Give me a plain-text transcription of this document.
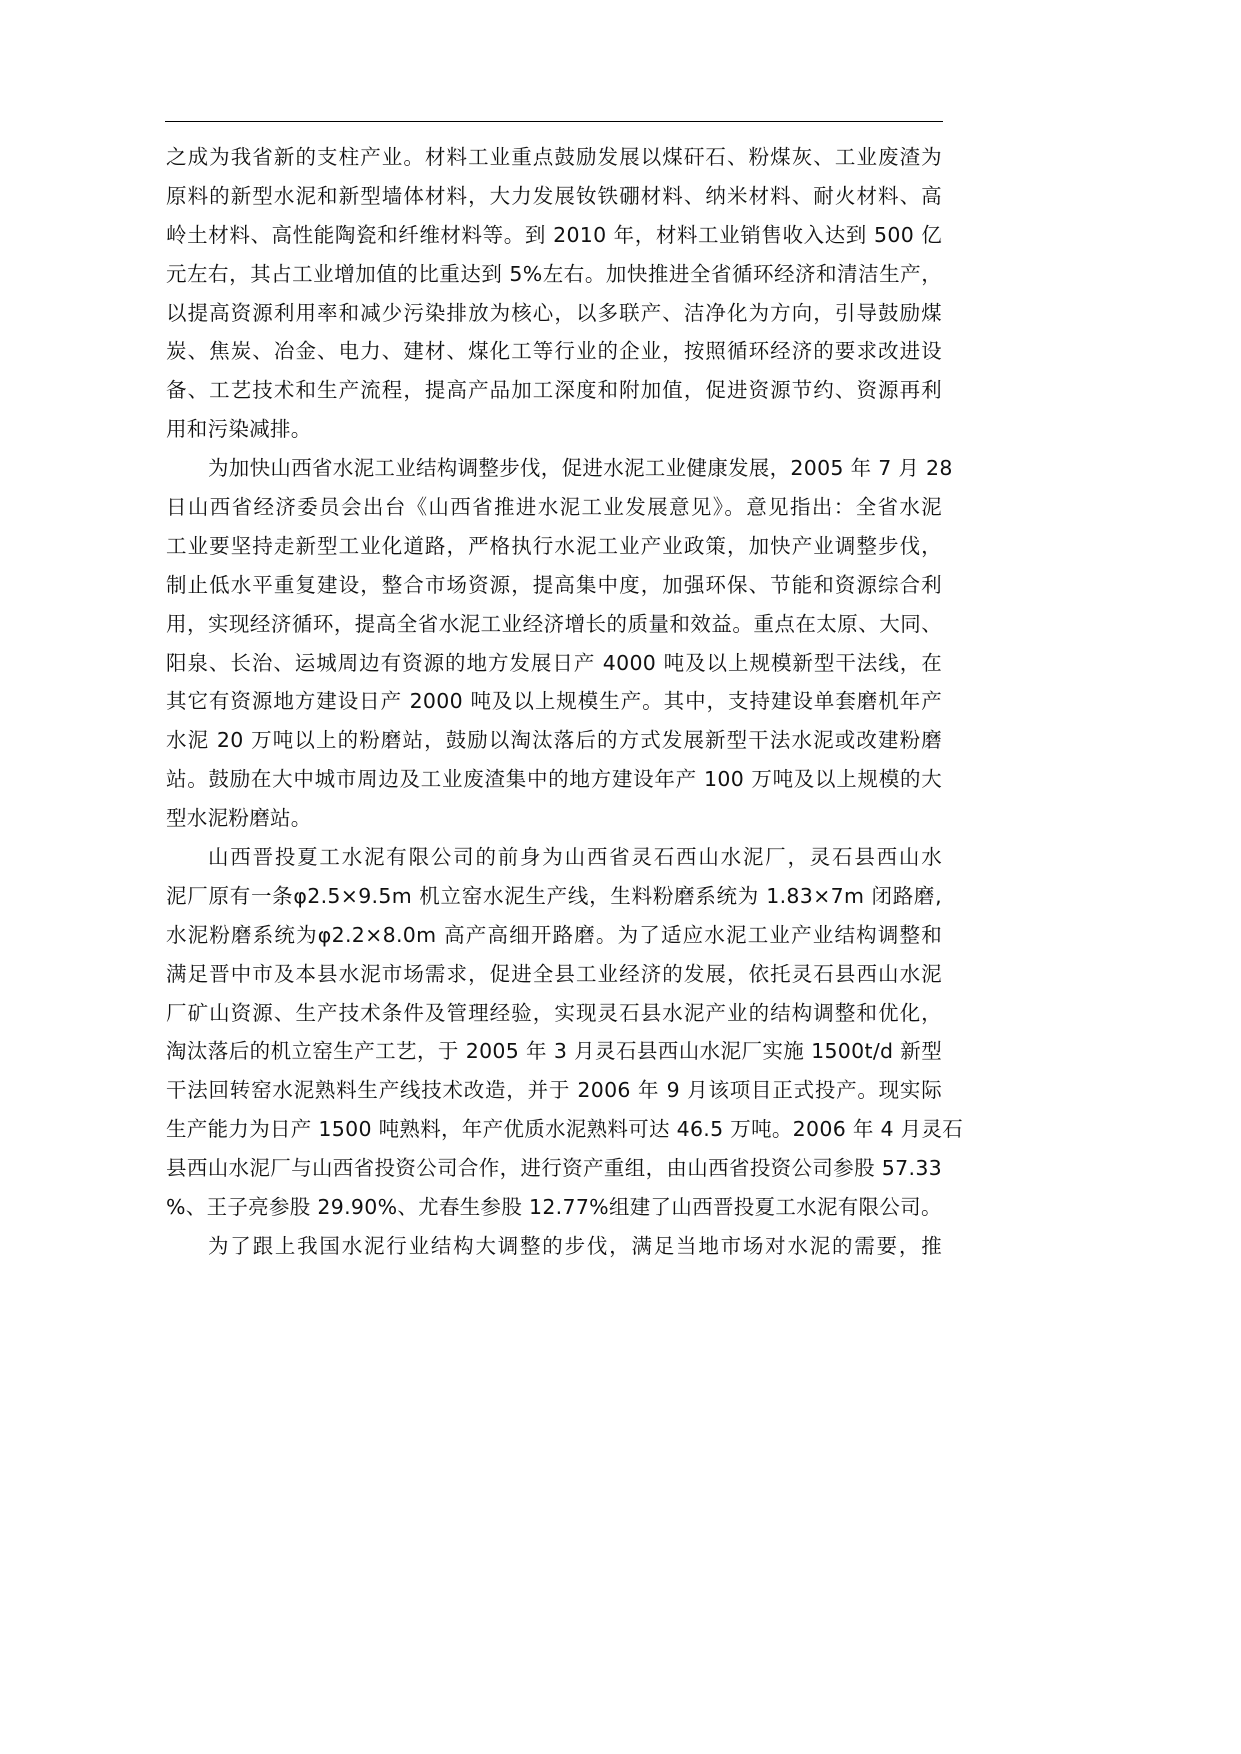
之成为我省新的支柱产业。材料工业重点鼓励发展以煤矸石、粉煤灰、工业废渣为
原料的新型水泥和新型墙体材料，大力发展钕铁硼材料、纳米材料、耐火材料、高
岭土材料、高性能陶瓷和纤维材料等。到 2010 年，材料工业销售收入达到 500 亿
元左右，其占工业增加值的比重达到 5%左右。加快推进全省循环经济和清洁生产，
以提高资源利用率和减少污染排放为核心，以多联产、洁净化为方向，引导鼓励煤
炭、焦炭、冶金、电力、建材、煤化工等行业的企业，按照循环经济的要求改进设
备、工艺技术和生产流程，提高产品加工深度和附加值，促进资源节约、资源再利
用和污染减排。
为加快山西省水泥工业结构调整步伐，促进水泥工业健康发展，2005 年 7 月 28
日山西省经济委员会出台《山西省推进水泥工业发展意见》。意见指出：全省水泥
工业要坚持走新型工业化道路，严格执行水泥工业产业政策，加快产业调整步伐，
制止低水平重复建设，整合市场资源，提高集中度，加强环保、节能和资源综合利
用，实现经济循环，提高全省水泥工业经济增长的质量和效益。重点在太原、大同、
阳泉、长治、运城周边有资源的地方发展日产 4000 吨及以上规模新型干法线，在
其它有资源地方建设日产 2000 吨及以上规模生产。其中，支持建设单套磨机年产
水泥 20 万吨以上的粉磨站，鼓励以淘汰落后的方式发展新型干法水泥或改建粉磨
站。鼓励在大中城市周边及工业废渣集中的地方建设年产 100 万吨及以上规模的大
型水泥粉磨站。
山西晋投夏工水泥有限公司的前身为山西省灵石西山水泥厂，灵石县西山水
泥厂原有一条φ2.5×9.5m 机立窑水泥生产线，生料粉磨系统为 1.83×7m 闭路磨,
水泥粉磨系统为φ2.2×8.0m 高产高细开路磨。为了适应水泥工业产业结构调整和
满足晋中市及本县水泥市场需求，促进全县工业经济的发展，依托灵石县西山水泥
厂矿山资源、生产技术条件及管理经验，实现灵石县水泥产业的结构调整和优化，
淘汰落后的机立窑生产工艺，于 2005 年 3 月灵石县西山水泥厂实施 1500t/d 新型
干法回转窑水泥熟料生产线技术改造，并于 2006 年 9 月该项目正式投产。现实际
生产能力为日产 1500 吨熟料，年产优质水泥熟料可达 46.5 万吨。2006 年 4 月灵石
县西山水泥厂与山西省投资公司合作，进行资产重组，由山西省投资公司参股 57.33
%、王子亮参股 29.90%、尤春生参股 12.77%组建了山西晋投夏工水泥有限公司。
为了跟上我国水泥行业结构大调整的步伐，满足当地市场对水泥的需要，推
